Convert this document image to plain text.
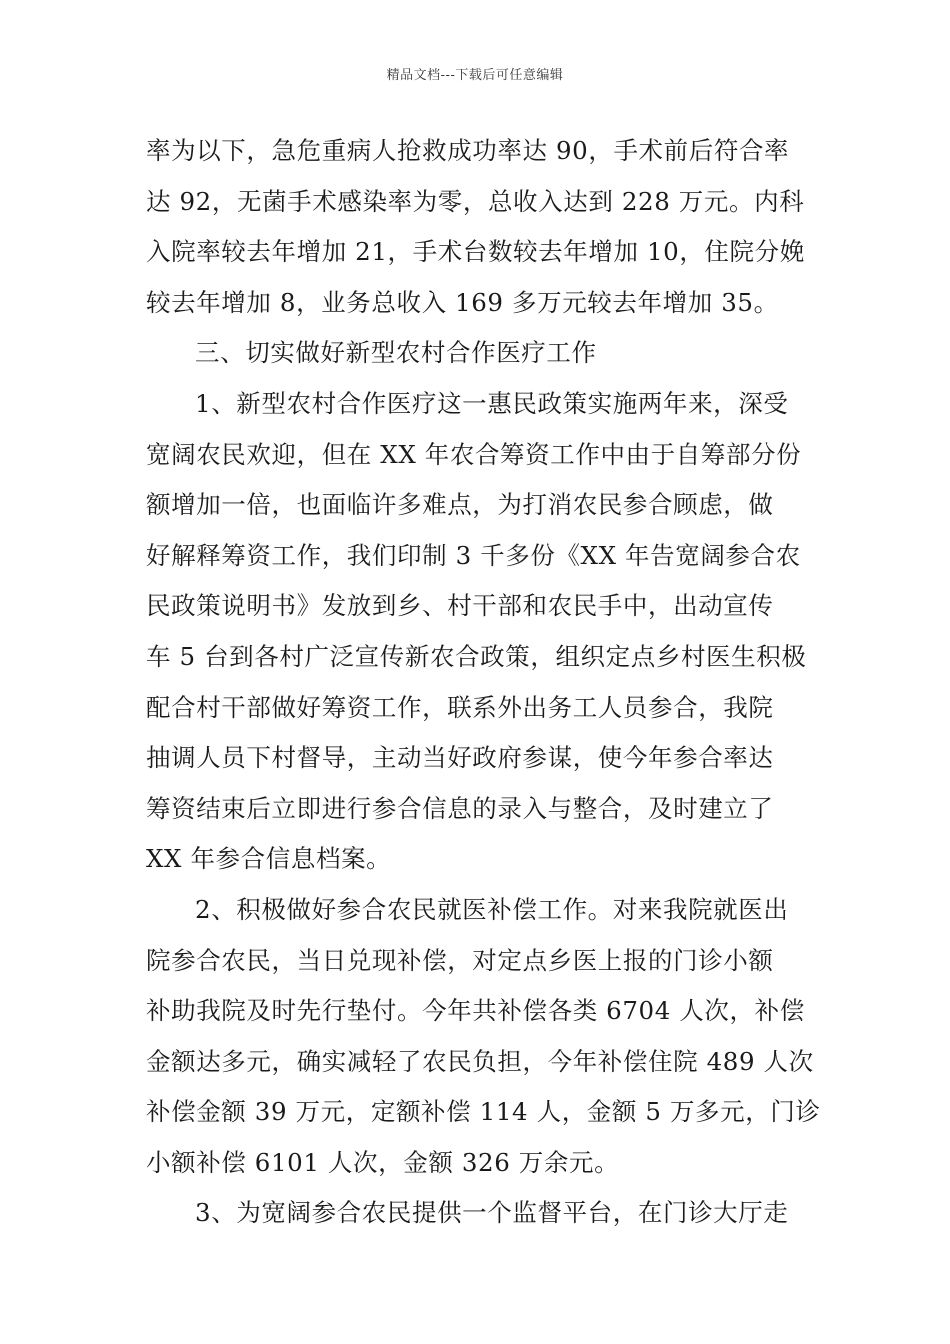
精品文档---下载后可任意编辑
率为以下，急危重病人抢救成功率达 90，手术前后符合率
达 92，无菌手术感染率为零，总收入达到 228 万元。内科
入院率较去年增加 21，手术台数较去年增加 10，住院分娩
较去年增加 8，业务总收入 169 多万元较去年增加 35。
三、切实做好新型农村合作医疗工作
1、新型农村合作医疗这一惠民政策实施两年来，深受
宽阔农民欢迎，但在 XX 年农合筹资工作中由于自筹部分份
额增加一倍，也面临许多难点，为打消农民参合顾虑，做
好解释筹资工作，我们印制 3 千多份《XX 年告宽阔参合农
民政策说明书》发放到乡、村干部和农民手中，出动宣传
车 5 台到各村广泛宣传新农合政策，组织定点乡村医生积极
配合村干部做好筹资工作，联系外出务工人员参合，我院
抽调人员下村督导，主动当好政府参谋，使今年参合率达
筹资结束后立即进行参合信息的录入与整合，及时建立了
XX 年参合信息档案。
2、积极做好参合农民就医补偿工作。对来我院就医出
院参合农民，当日兑现补偿，对定点乡医上报的门诊小额
补助我院及时先行垫付。今年共补偿各类 6704 人次，补偿
金额达多元，确实减轻了农民负担，今年补偿住院 489 人次
补偿金额 39 万元，定额补偿 114 人，金额 5 万多元，门诊
小额补偿 6101 人次，金额 326 万余元。
3、为宽阔参合农民提供一个监督平台，在门诊大厅走
